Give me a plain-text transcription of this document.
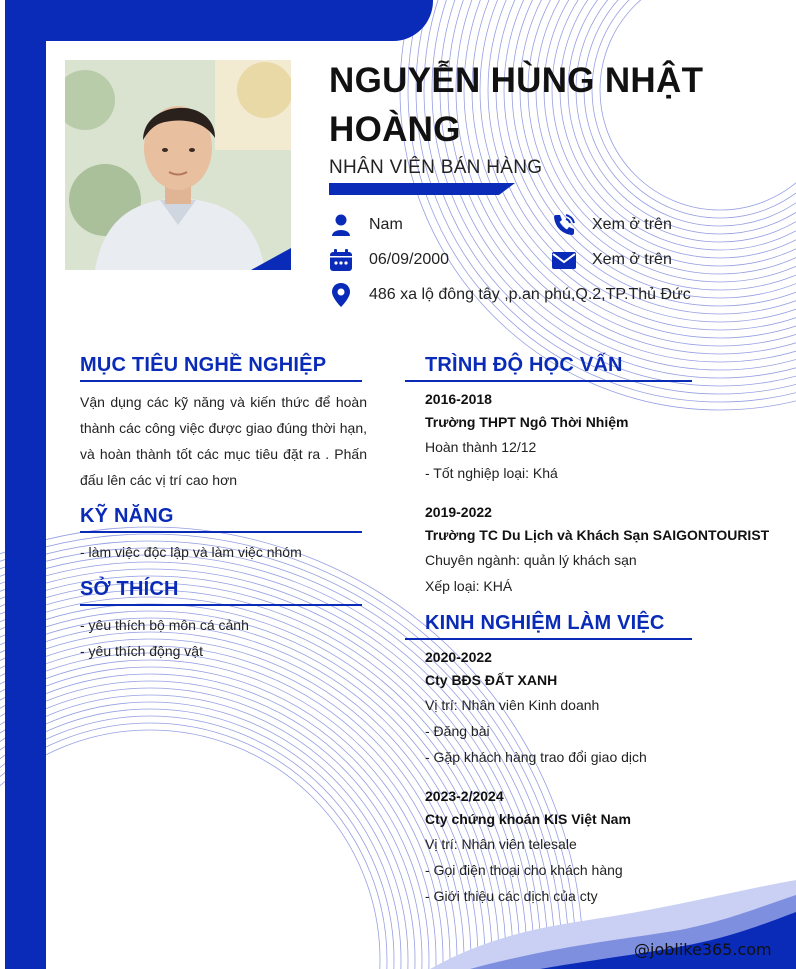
NGUYỄN HÙNG NHẬT HOÀNG
NHÂN VIÊN BÁN HÀNG
Nam	Xem ở trên
06/09/2000	Xem ở trên
486 xa lộ đông tây ,p.an phú,Q.2,TP.Thủ Đức
MỤC TIÊU NGHỀ NGHIỆP
Vận dụng các kỹ năng và kiến thức để hoàn thành các công việc được giao đúng thời hạn, và hoàn thành tốt các mục tiêu đặt ra . Phấn đấu lên các vị trí cao hơn
KỸ NĂNG
- làm việc độc lập và làm việc nhóm
SỞ THÍCH
- yêu thích bộ môn cá cảnh
- yêu thích động vật
TRÌNH ĐỘ HỌC VẤN
2016-2018
Trường THPT Ngô Thời Nhiệm
Hoàn thành 12/12
- Tốt nghiệp loại: Khá
2019-2022
Trường TC Du Lịch và Khách Sạn SAIGONTOURIST
Chuyên ngành: quản lý khách sạn
Xếp loại: KHÁ
KINH NGHIỆM LÀM VIỆC
2020-2022
Cty BĐS ĐẤT XANH
Vị trí: Nhân viên Kinh doanh
- Đăng bài
- Gặp khách hàng trao đổi giao dịch
2023-2/2024
Cty chứng khoán KIS Việt Nam
Vị trí: Nhân viên telesale
- Gọi điện thoại cho khách hàng
- Giới thiệu các dịch của cty
@joblike365.com
